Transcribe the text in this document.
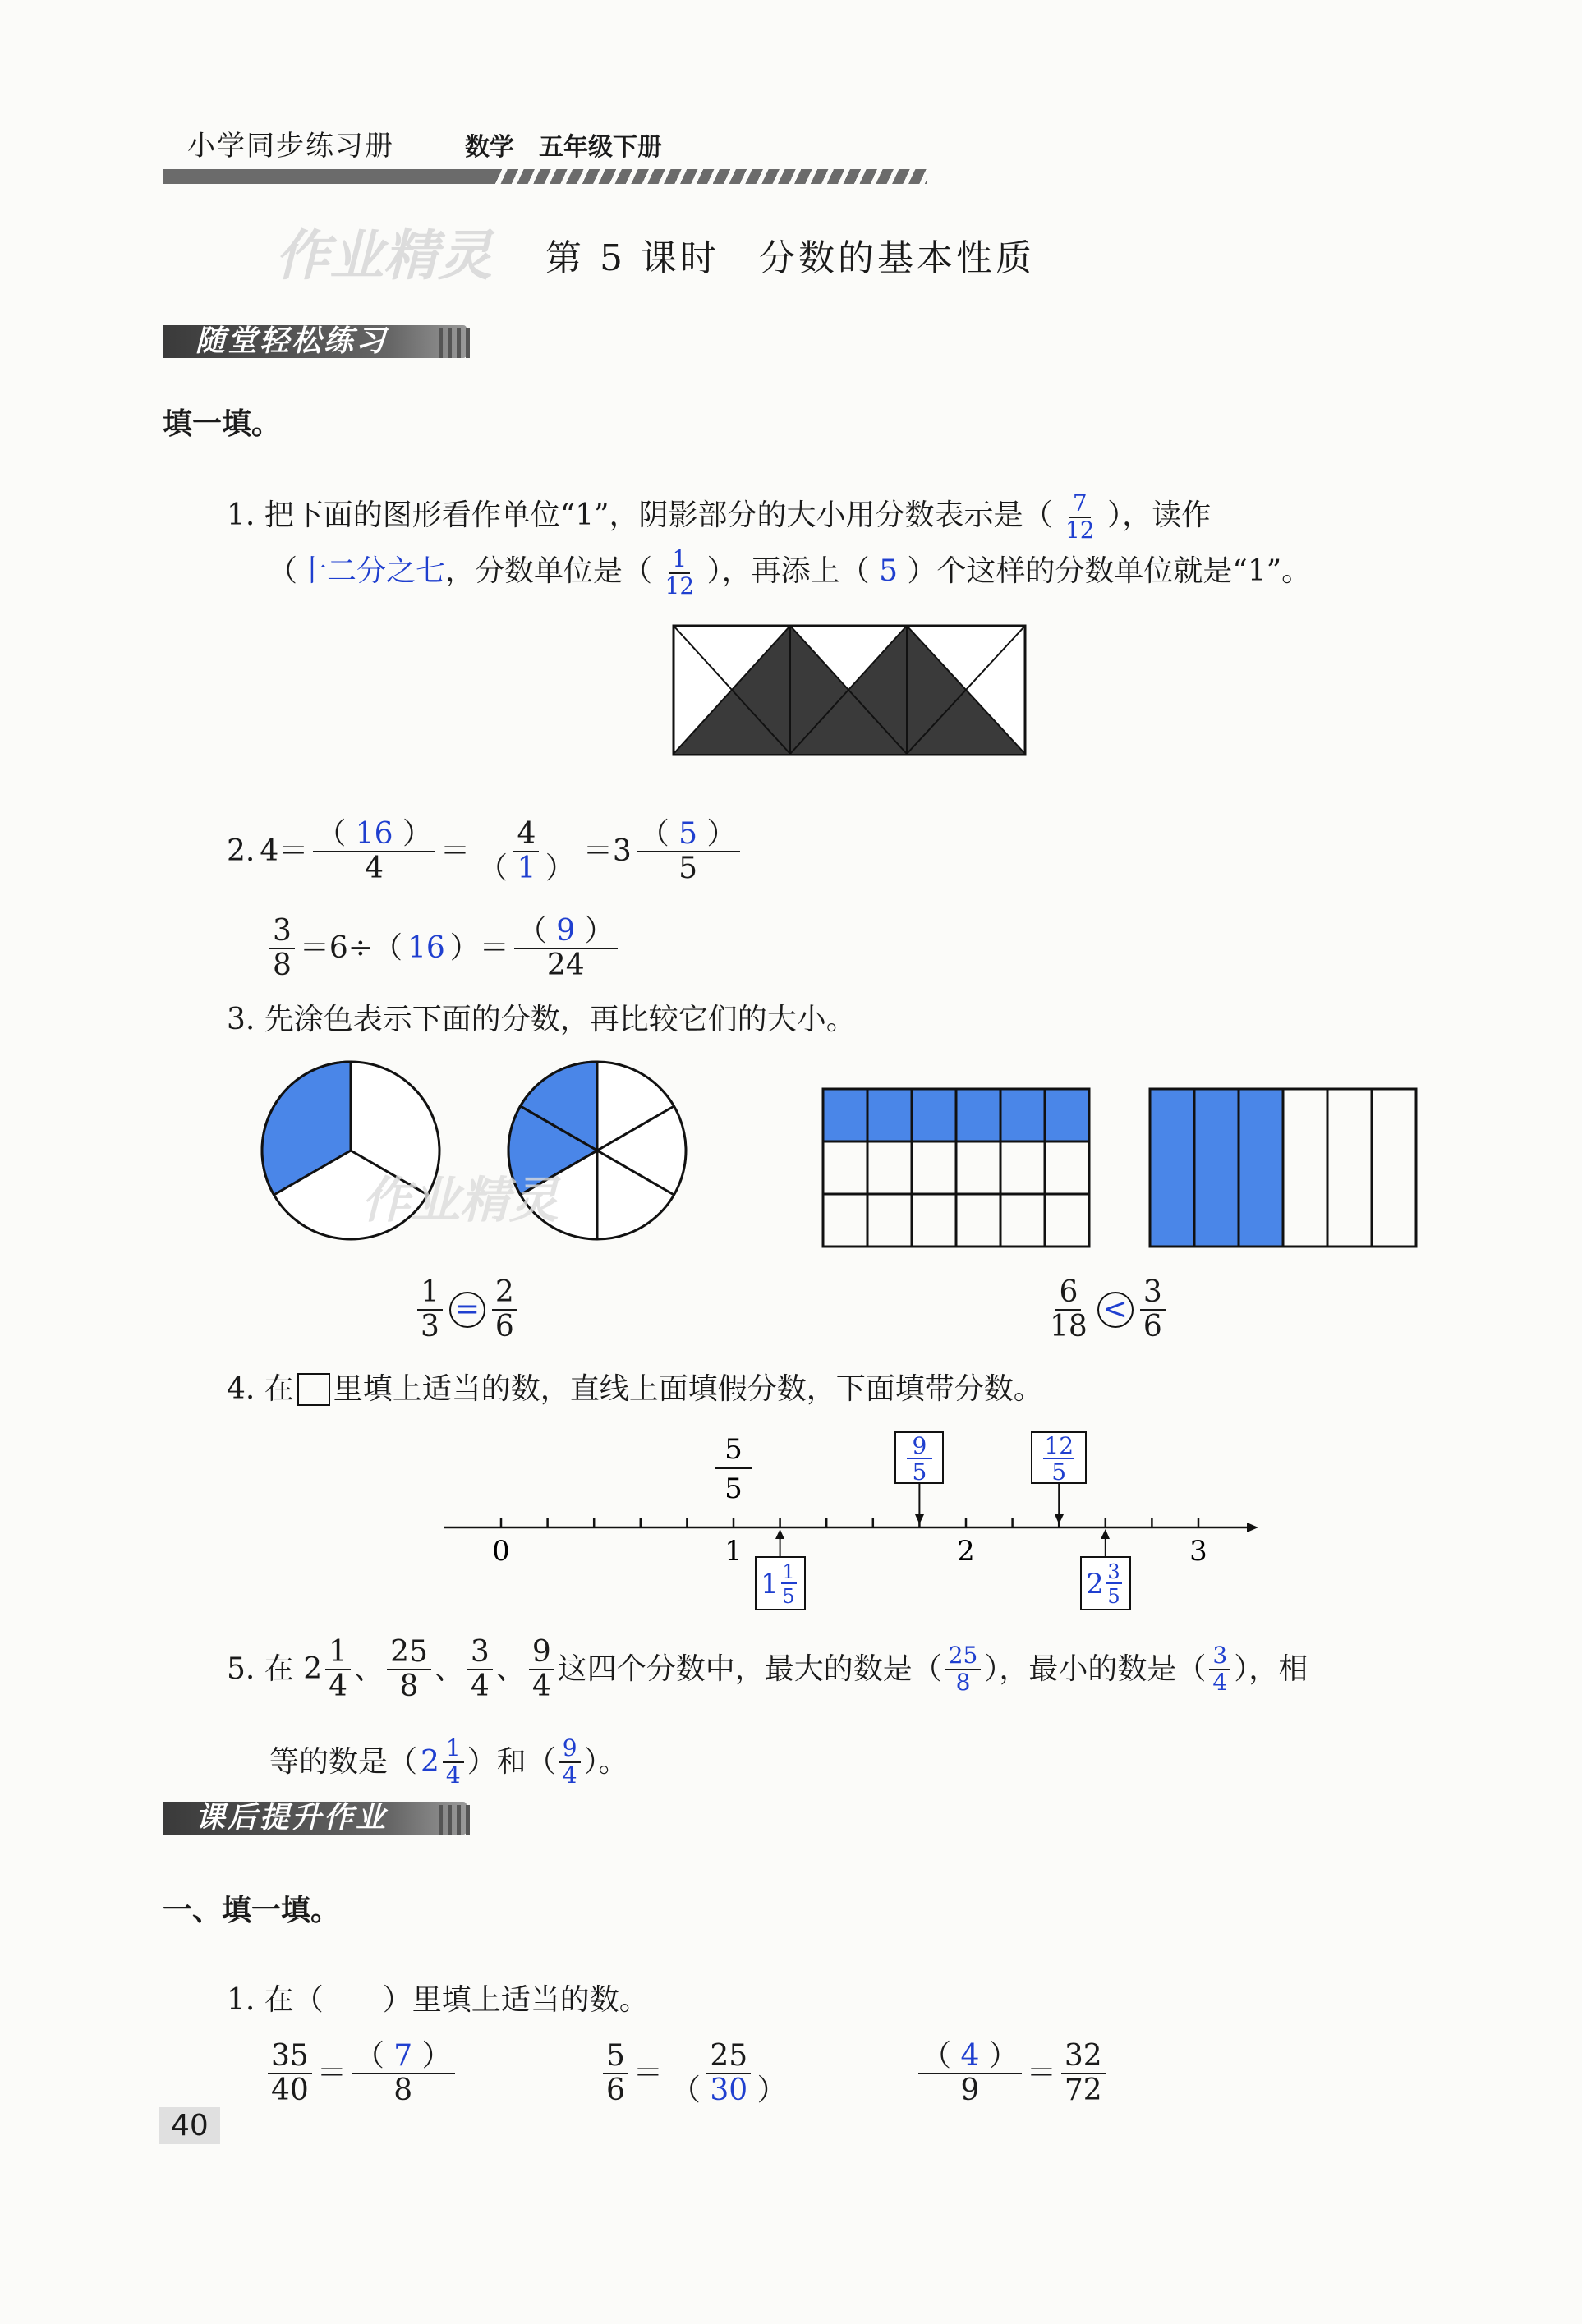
小学同步练习册	数学　五年级下册
作业精灵 第 5 课时　分数的基本性质
随堂轻松练习
填一填。
1. 把下面的图形看作单位“1”，阴影部分的大小用分数表示是（ $\frac{7}{12}$ ），读作
（十二分之七，分数单位是（ $\frac{1}{12}$ ），再添上（ 5 ）个这样的分数单位就是“1”。
2. $4= \frac{( 16 )}{4} = \frac{4}{( 1 )} =3 \frac{( 5 )}{5}$
$\frac{3}{8} =6\div$（ 16 ）＝ $\frac{( 9 )}{24}$
3. 先涂色表示下面的分数，再比较它们的大小。
作业精灵
$\frac{1}{3} = \frac{2}{6}$	$\frac{6}{18} < \frac{3}{6}$
4. 在 里填上适当的数，直线上面填假分数，下面填带分数。
0	1	2	3
5
5
9
5
12
5
1 1
5	2 3
5
5. 在 $2 \frac{1}{4}$ 、 $\frac{25}{8}$ 、 $\frac{3}{4}$ 、 $\frac{9}{4}$ 这四个分数中，最大的数是（ $\frac{25}{8}$ ），最小的数是（ $\frac{3}{4}$ ），相
等的数是（ $2 \frac{1}{4}$ ）和（ $\frac{9}{4}$ ）。
课后提升作业
一、填一填。
1. 在（　　）里填上适当的数。
$\frac{35}{40} = \frac{( 7 )}{8}$	$\frac{5}{6} = \frac{25}{( 30 )}$	$\frac{( 4 )}{9} = \frac{32}{72}$
40
